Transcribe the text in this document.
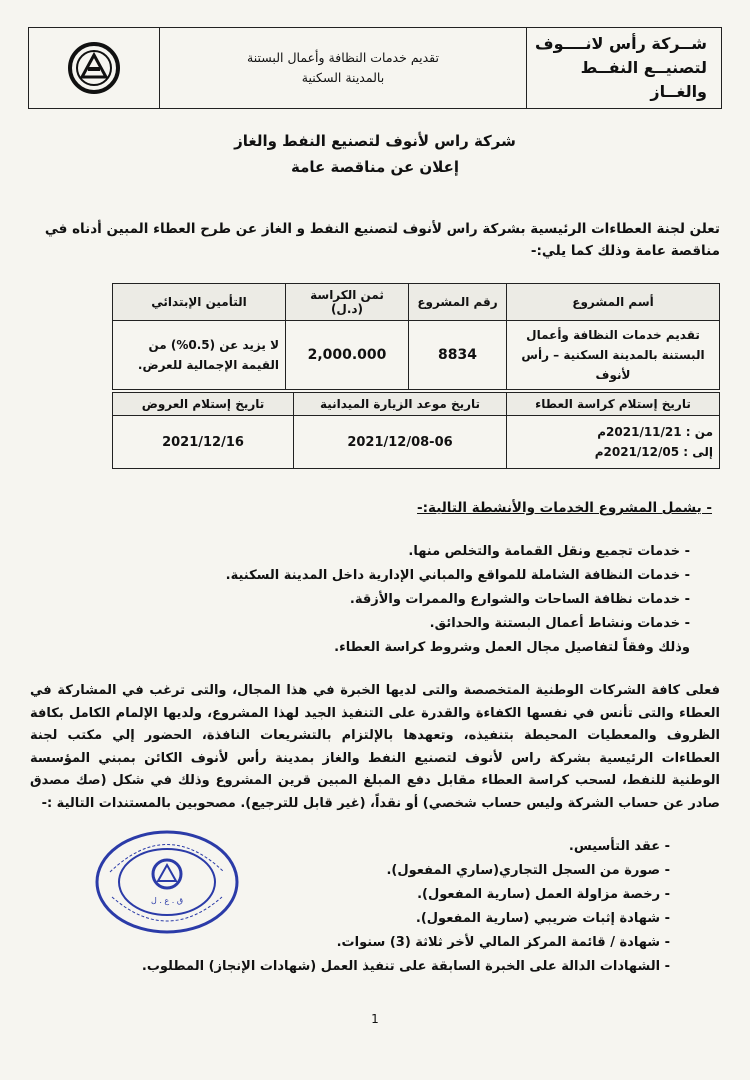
شــركة رأس لانــــوف
لتصنيــع النفــط والغــاز
تقديم خدمات النظافة وأعمال البستنة
بالمدينة السكنية
شركة راس لأنوف لتصنيع النفط والغاز
إعلان عن مناقصة عامة
تعلن لجنة العطاءات الرئيسية بشركة راس لأنوف لتصنيع النفط و الغاز عن طرح العطاء المبين أدناه في مناقصة عامة وذلك كما يلي:-
أسم المشروع	رقم المشروع	ثمن الكراسة (د.ل)	التأمين الإبتدائي
تقديم خدمات النظافة وأعمال البستنة بالمدينة السكنية – رأس لأنوف	8834	2,000.000	لا يزيد عن (0.5%) من القيمة الإجمالية للعرض.
تاريخ إستلام كراسة العطاء	تاريخ موعد الزيارة الميدانية	تاريخ إستلام العروض

من : 2021/11/21م
إلى : 2021/12/05م	2021/12/08-06	2021/12/16
- يشمل المشروع الخدمات والأنشطة التالية:-
- خدمات تجميع ونقل القمامة والتخلص منها.
- خدمات النظافة الشاملة للمواقع والمباني الإدارية داخل المدينة السكنية.
- خدمات نظافة الساحات والشوارع والممرات والأزقة.
- خدمات ونشاط أعمال البستنة والحدائق.
وذلك وفقاً لتفاصيل مجال العمل وشروط كراسة العطاء.
فعلى كافة الشركات الوطنية المتخصصة والتى لديها الخبرة في هذا المجال، والتى ترغب في المشاركة في العطاء والتى تأنس في نفسها الكفاءة والقدرة على التنفيذ الجيد لهذا المشروع، ولديها الإلمام الكامل بكافة الظروف والمعطيات المحيطة بتنفيذه، وتعهدها بالإلتزام بالتشريعات النافذة، الحضور إلي مكتب لجنة العطاءات الرئيسية بشركة راس لأنوف لتصنيع النفط والغاز بمدينة رأس لأنوف الكائن بمبني المؤسسة الوطنية للنفط، لسحب كراسة العطاء مقابل دفع المبلغ المبين قرين المشروع وذلك في شكل (صك مصدق صادر عن حساب الشركة وليس حساب شخصي) أو نقداً، (غير قابل للترجيع). مصحوبين بالمستندات التالية :-
- عقد التأسيس.
- صورة من السجل التجاري(ساري المفعول).
- رخصة مزاولة العمل (سارية المفعول).
- شهادة إثبات ضريبي (سارية المفعول).
- شهادة / قائمة المركز المالي لأخر ثلاثة (3) سنوات.
- الشهادات الدالة على الخبرة السابقة على تنفيذ العمل (شهادات الإنجاز) المطلوب.
ق . ع . ل
1
